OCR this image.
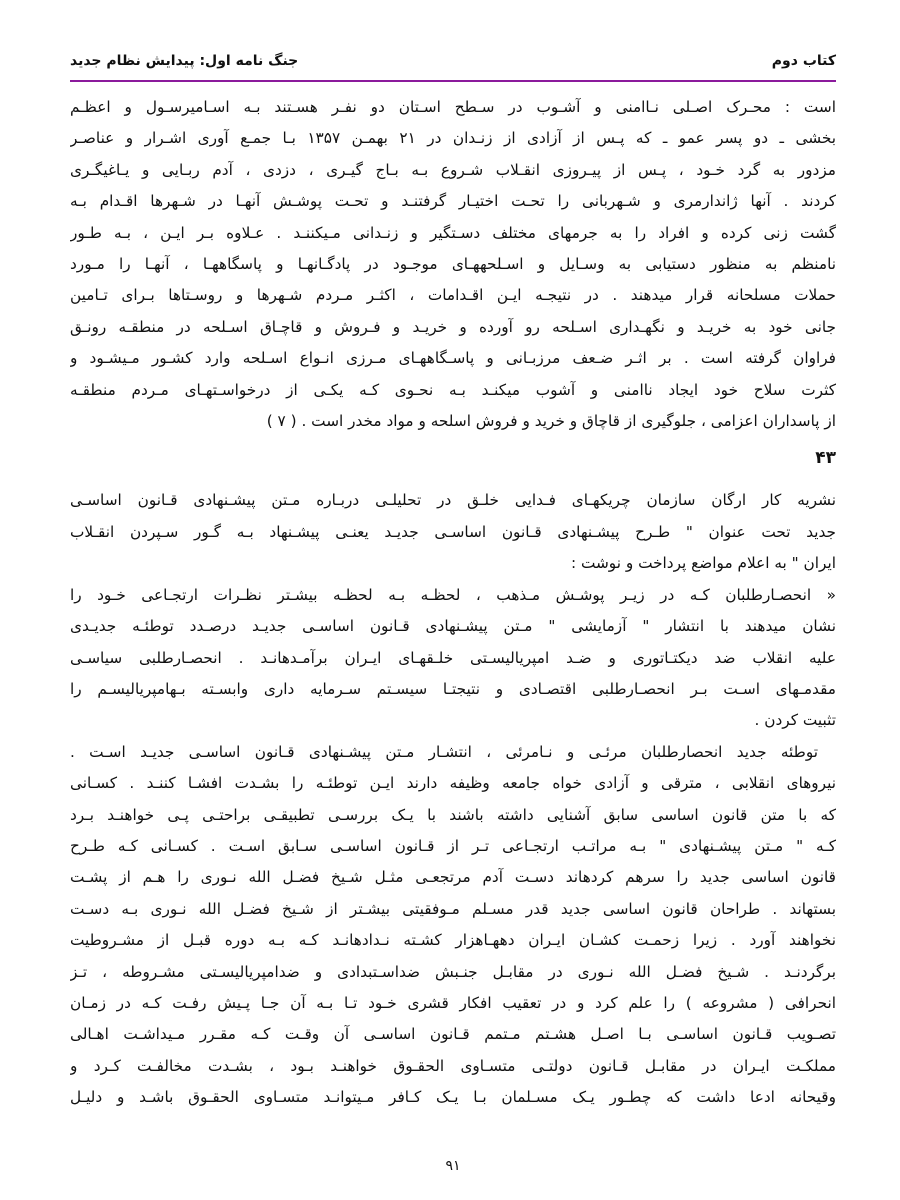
کتاب دوم
جنگ نامه اول: پیدایش نظام جدید

است : محـرک اصـلی نـاامنی و آشـوب در سـطح اسـتان دو نفـر هسـتند بـه اسـامیرسـول و اعظـم
بخشی ـ دو پسر عمو ـ که پـس از آزادی از زنـدان در ۲۱ بهمـن ۱۳۵۷ بـا جمـع آوری اشـرار و عناصـر
مزدور به گرد خـود ، پـس از پیـروزی انقـلاب شـروع بـه بـاج گیـری ، دزدی ، آدم ربـایی و یـاغیگـری
کردند . آنها ژاندارمری و شـهربانی را تحـت اختیـار گرفتنـد و تحـت پوشـش آنهـا در شـهرها اقـدام بـه
گشت زنی کرده و افراد را به جرمهای مختلف دسـتگیر و زنـدانی مـیکننـد . عـلاوه بـر ایـن ، بـه طـور
نامنظم به منظور دستیابی به وسـایل و اسـلحههـای موجـود در پادگـانهـا و پاسگاههـا ، آنهـا را مـورد
حملات مسلحانه قرار میدهند . در نتیجـه ایـن اقـدامات ، اکثـر مـردم شـهرها و روسـتاها بـرای تـامین
جانی خود به خریـد و نگهـداری اسـلحه رو آورده و خریـد و فـروش و قاچـاق اسـلحه در منطقـه رونـق
فراوان گرفته است . بر اثـر ضـعف مرزبـانی و پاسـگاههـای مـرزی انـواع اسـلحه وارد کشـور مـیشـود و
کثرت سلاح خود ایجاد ناامنی و آشوب میکنـد بـه نحـوی کـه یکـی از درخواسـتهـای مـردم منطقـه
از پاسداران اعزامی ، جلوگیری از قاچاق و خرید و فروش اسلحه و مواد مخدر است . ( ۷ )

۴۳

نشریه کار ارگان سازمان چریکهـای فـدایی خلـق در تحلیلـی دربـاره مـتن پیشـنهادی قـانون اساسـی
جدید تحت عنوان " طـرح پیشـنهادی قـانون اساسـی جدیـد یعنـی پیشـنهاد بـه گـور سـپردن انقـلاب
ایران " به اعلام مواضع پرداخت و نوشت :

« انحصـارطلبان کـه در زیـر پوشـش مـذهب ، لحظـه بـه لحظـه بیشـتر نظـرات ارتجـاعی خـود را
نشان میدهند با انتشار " آزمایشی " مـتن پیشـنهادی قـانون اساسـی جدیـد درصـدد توطئـه جدیـدی
علیه انقلاب ضد دیکتـاتوری و ضـد امپریالیسـتی خلـقهـای ایـران برآمـدهانـد . انحصـارطلبی سیاسـی
مقدمـهای اسـت بـر انحصـارطلبی اقتصـادی و نتیجتـا سیسـتم سـرمایه داری وابسـته بـهامپریالیسـم را
تثبیت کردن .

توطئه جدید انحصارطلبان مرئـی و نـامرئی ، انتشـار مـتن پیشـنهادی قـانون اساسـی جدیـد اسـت .
نیروهای انقلابی ، مترقی و آزادی خواه جامعه وظیفه دارند ایـن توطئـه را بشـدت افشـا کننـد . کسـانی
که با متن قانون اساسی سابق آشنایی داشته باشند با یـک بررسـی تطبیقـی براحتـی پـی خواهنـد بـرد
کـه " مـتن پیشـنهادی " بـه مراتـب ارتجـاعی تـر از قـانون اساسـی سـابق اسـت . کسـانی کـه طـرح
قانون اساسی جدید را سرهم کردهاند دسـت آدم مرتجعـی مثـل شـیخ فضـل الله نـوری را هـم از پشـت
بستهاند . طراحان قانون اساسی جدید قدر مسـلم مـوفقیتی بیشـتر از شـیخ فضـل الله نـوری بـه دسـت
نخواهند آورد . زیرا زحمـت کشـان ایـران دههـاهزار کشـته نـدادهانـد کـه بـه دوره قبـل از مشـروطیت
برگردنـد . شـیخ فضـل الله نـوری در مقابـل جنـبش ضداسـتبدادی و ضدامپریالیسـتی مشـروطه ، تـز
انحرافی ( مشروعه ) را علم کرد و در تعقیب افکار قشری خـود تـا بـه آن جـا پـیش رفـت کـه در زمـان
تصـویب قـانون اساسـی بـا اصـل هشـتم مـتمم قـانون اساسـی آن وقـت کـه مقـرر مـیداشـت اهـالی
مملکـت ایـران در مقابـل قـانون دولتـی متسـاوی الحقـوق خواهنـد بـود ، بشـدت مخالفـت کـرد و
وقیحانه ادعا داشت که چطـور یـک مسـلمان بـا یـک کـافر مـیتوانـد متسـاوی الحقـوق باشـد و دلیـل

۹۱
